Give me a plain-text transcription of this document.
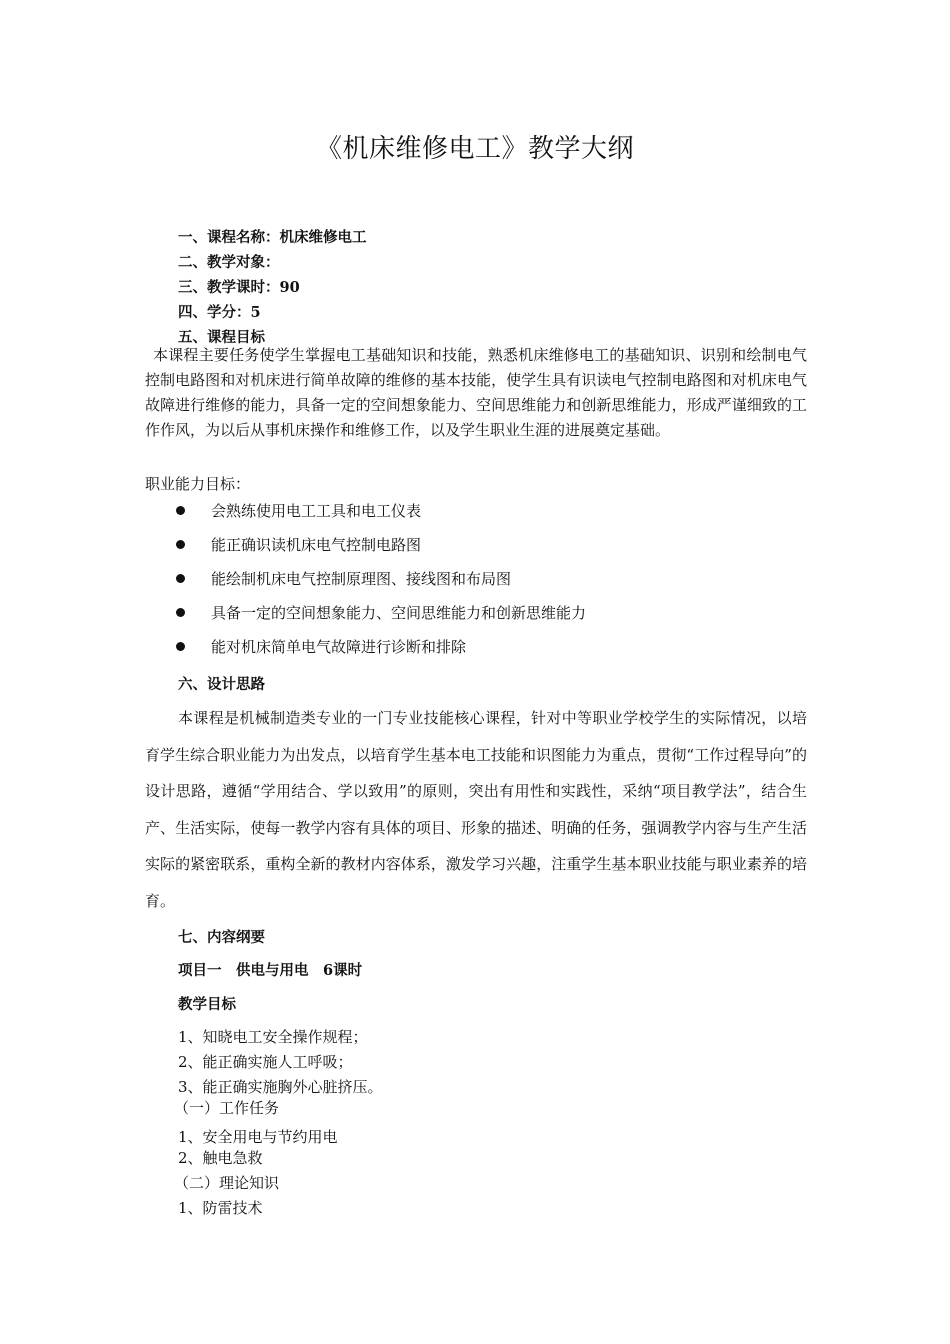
《机床维修电工》教学大纲
一、课程名称：机床维修电工
二、教学对象：
三、教学课时：90
四、学分：5
五、课程目标

本课程主要任务使学生掌握电工基础知识和技能，熟悉机床维修电工的基础知识、识别和绘制电气控制电路图和对机床进行简单故障的维修的基本技能，使学生具有识读电气控制电路图和对机床电气故障进行维修的能力，具备一定的空间想象能力、空间思维能力和创新思维能力，形成严谨细致的工作作风，为以后从事机床操作和维修工作，以及学生职业生涯的进展奠定基础。

职业能力目标：
会熟练使用电工工具和电工仪表
能正确识读机床电气控制电路图
能绘制机床电气控制原理图、接线图和布局图
具备一定的空间想象能力、空间思维能力和创新思维能力
能对机床简单电气故障进行诊断和排除
六、设计思路

本课程是机械制造类专业的一门专业技能核心课程，针对中等职业学校学生的实际情况，以培育学生综合职业能力为出发点，以培育学生基本电工技能和识图能力为重点，贯彻“工作过程导向”的设计思路，遵循“学用结合、学以致用”的原则，突出有用性和实践性，采纳“项目教学法”，结合生产、生活实际，使每一教学内容有具体的项目、形象的描述、明确的任务，强调教学内容与生产生活实际的紧密联系，重构全新的教材内容体系，激发学习兴趣，注重学生基本职业技能与职业素养的培育。

七、内容纲要
项目一　供电与用电　6课时
教学目标
1、知晓电工安全操作规程；
2、能正确实施人工呼吸；
3、能正确实施胸外心脏挤压。
（一）工作任务
1、安全用电与节约用电
2、触电急救
（二）理论知识
1、防雷技术
